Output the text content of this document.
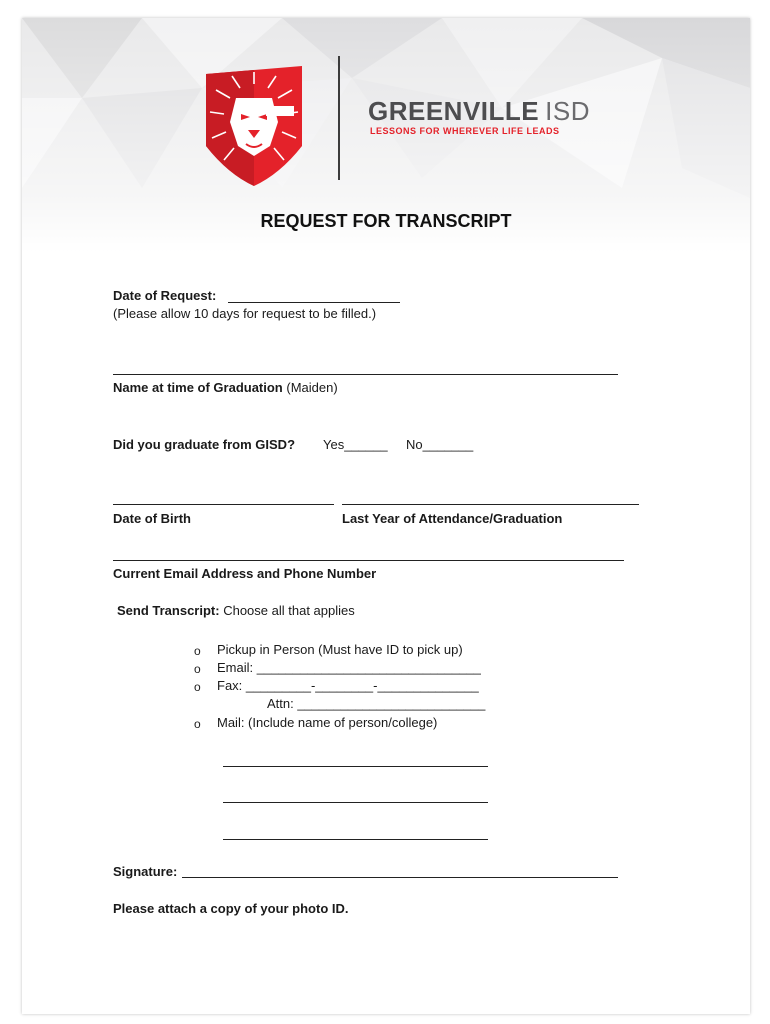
GREENVILLE ISD
LESSONS FOR WHEREVER LIFE LEADS
REQUEST FOR TRANSCRIPT
Date of Request:
(Please allow 10 days for request to be filled.)
Name at time of Graduation (Maiden)
Did you graduate from GISD? Yes______ No_______
Date of Birth	Last Year of Attendance/Graduation
Current Email Address and Phone Number
Send Transcript: Choose all that applies
o Pickup in Person (Must have ID to pick up)
o Email: _______________________________
o Fax: _________-________-______________
Attn: __________________________
o Mail: (Include name of person/college)
Signature:
Please attach a copy of your photo ID.
